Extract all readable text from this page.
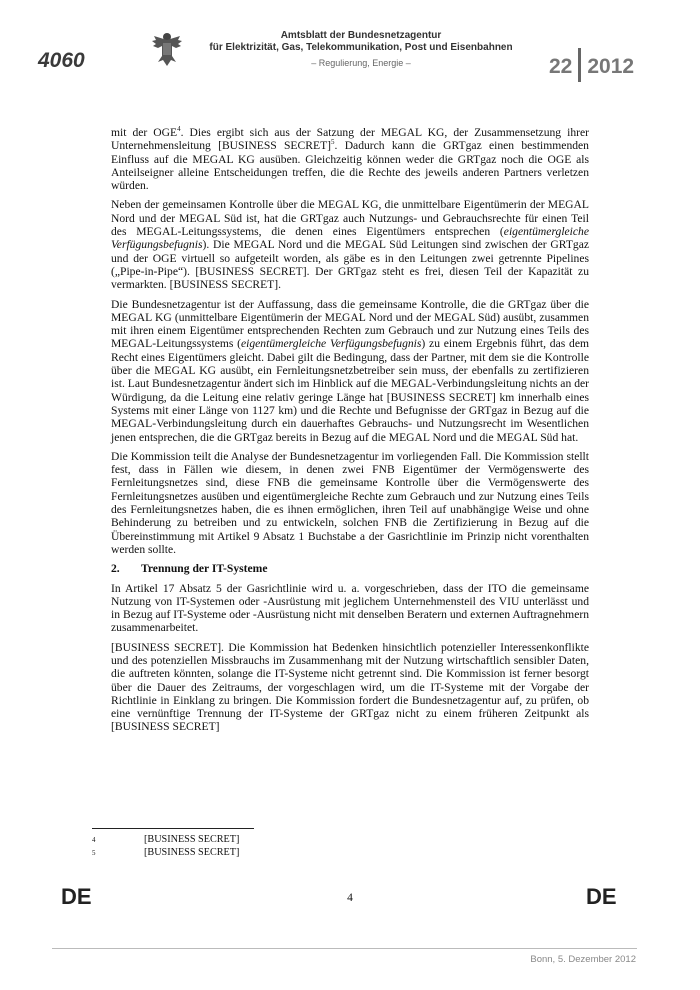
4060
Amtsblatt der Bundesnetzagentur
für Elektrizität, Gas, Telekommunikation, Post und Eisenbahnen
– Regulierung, Energie –	22 2012

mit der OGE$^4$. Dies ergibt sich aus der Satzung der MEGAL KG, der Zusammensetzung ihrer Unternehmensleitung [BUSINESS SECRET]$^5$. Dadurch kann die GRTgaz einen bestimmenden Einfluss auf die MEGAL KG ausüben. Gleichzeitig können weder die GRTgaz noch die OGE als Anteilseigner alleine Entscheidungen treffen, die die Rechte des jeweils anderen Partners verletzen würden.

Neben der gemeinsamen Kontrolle über die MEGAL KG, die unmittelbare Eigentümerin der MEGAL Nord und der MEGAL Süd ist, hat die GRTgaz auch Nutzungs- und Gebrauchsrechte für einen Teil des MEGAL-Leitungssystems, die denen eines Eigentümers entsprechen (eigentümergleiche Verfügungsbefugnis). Die MEGAL Nord und die MEGAL Süd Leitungen sind zwischen der GRTgaz und der OGE virtuell so aufgeteilt worden, als gäbe es in den Leitungen zwei getrennte Pipelines („Pipe-in-Pipe“). [BUSINESS SECRET]. Der GRTgaz steht es frei, diesen Teil der Kapazität zu vermarkten. [BUSINESS SECRET].

Die Bundesnetzagentur ist der Auffassung, dass die gemeinsame Kontrolle, die die GRTgaz über die MEGAL KG (unmittelbare Eigentümerin der MEGAL Nord und der MEGAL Süd) ausübt, zusammen mit ihren einem Eigentümer entsprechenden Rechten zum Gebrauch und zur Nutzung eines Teils des MEGAL-Leitungssystems (eigentümergleiche Verfügungsbefugnis) zu einem Ergebnis führt, das dem Recht eines Eigentümers gleicht. Dabei gilt die Bedingung, dass der Partner, mit dem sie die Kontrolle über die MEGAL KG ausübt, ein Fernleitungsnetzbetreiber sein muss, der ebenfalls zu zertifizieren ist. Laut Bundesnetzagentur ändert sich im Hinblick auf die MEGAL-Verbindungsleitung nichts an der Würdigung, da die Leitung eine relativ geringe Länge hat [BUSINESS SECRET] km innerhalb eines Systems mit einer Länge von 1127 km) und die Rechte und Befugnisse der GRTgaz in Bezug auf die MEGAL-Verbindungsleitung durch ein dauerhaftes Gebrauchs- und Nutzungsrecht im Wesentlichen jenen entsprechen, die die GRTgaz bereits in Bezug auf die MEGAL Nord und die MEGAL Süd hat.

Die Kommission teilt die Analyse der Bundesnetzagentur im vorliegenden Fall. Die Kommission stellt fest, dass in Fällen wie diesem, in denen zwei FNB Eigentümer der Vermögenswerte des Fernleitungsnetzes sind, diese FNB die gemeinsame Kontrolle über die Vermögenswerte des Fernleitungsnetzes ausüben und eigentümergleiche Rechte zum Gebrauch und zur Nutzung eines Teils des Fernleitungsnetzes haben, die es ihnen ermöglichen, ihren Teil auf unabhängige Weise und ohne Behinderung zu betreiben und zu entwickeln, solchen FNB die Zertifizierung in Bezug auf die Übereinstimmung mit Artikel 9 Absatz 1 Buchstabe a der Gasrichtlinie im Prinzip nicht vorenthalten werden sollte.

2. Trennung der IT-Systeme

In Artikel 17 Absatz 5 der Gasrichtlinie wird u. a. vorgeschrieben, dass der ITO die gemeinsame Nutzung von IT-Systemen oder -Ausrüstung mit jeglichem Unternehmensteil des VIU unterlässt und in Bezug auf IT-Systeme oder -Ausrüstung nicht mit denselben Beratern und externen Auftragnehmern zusammenarbeitet.

[BUSINESS SECRET]. Die Kommission hat Bedenken hinsichtlich potenzieller Interessenkonflikte und des potenziellen Missbrauchs im Zusammenhang mit der Nutzung wirtschaftlich sensibler Daten, die auftreten könnten, solange die IT-Systeme nicht getrennt sind. Die Kommission ist ferner besorgt über die Dauer des Zeitraums, der vorgeschlagen wird, um die IT-Systeme mit der Vorgabe der Richtlinie in Einklang zu bringen. Die Kommission fordert die Bundesnetzagentur auf, zu prüfen, ob eine vernünftige Trennung der IT-Systeme der GRTgaz nicht zu einem früheren Zeitpunkt als [BUSINESS SECRET]

4	[BUSINESS SECRET]
5	[BUSINESS SECRET]
DE	4	DE
Bonn, 5. Dezember 2012
